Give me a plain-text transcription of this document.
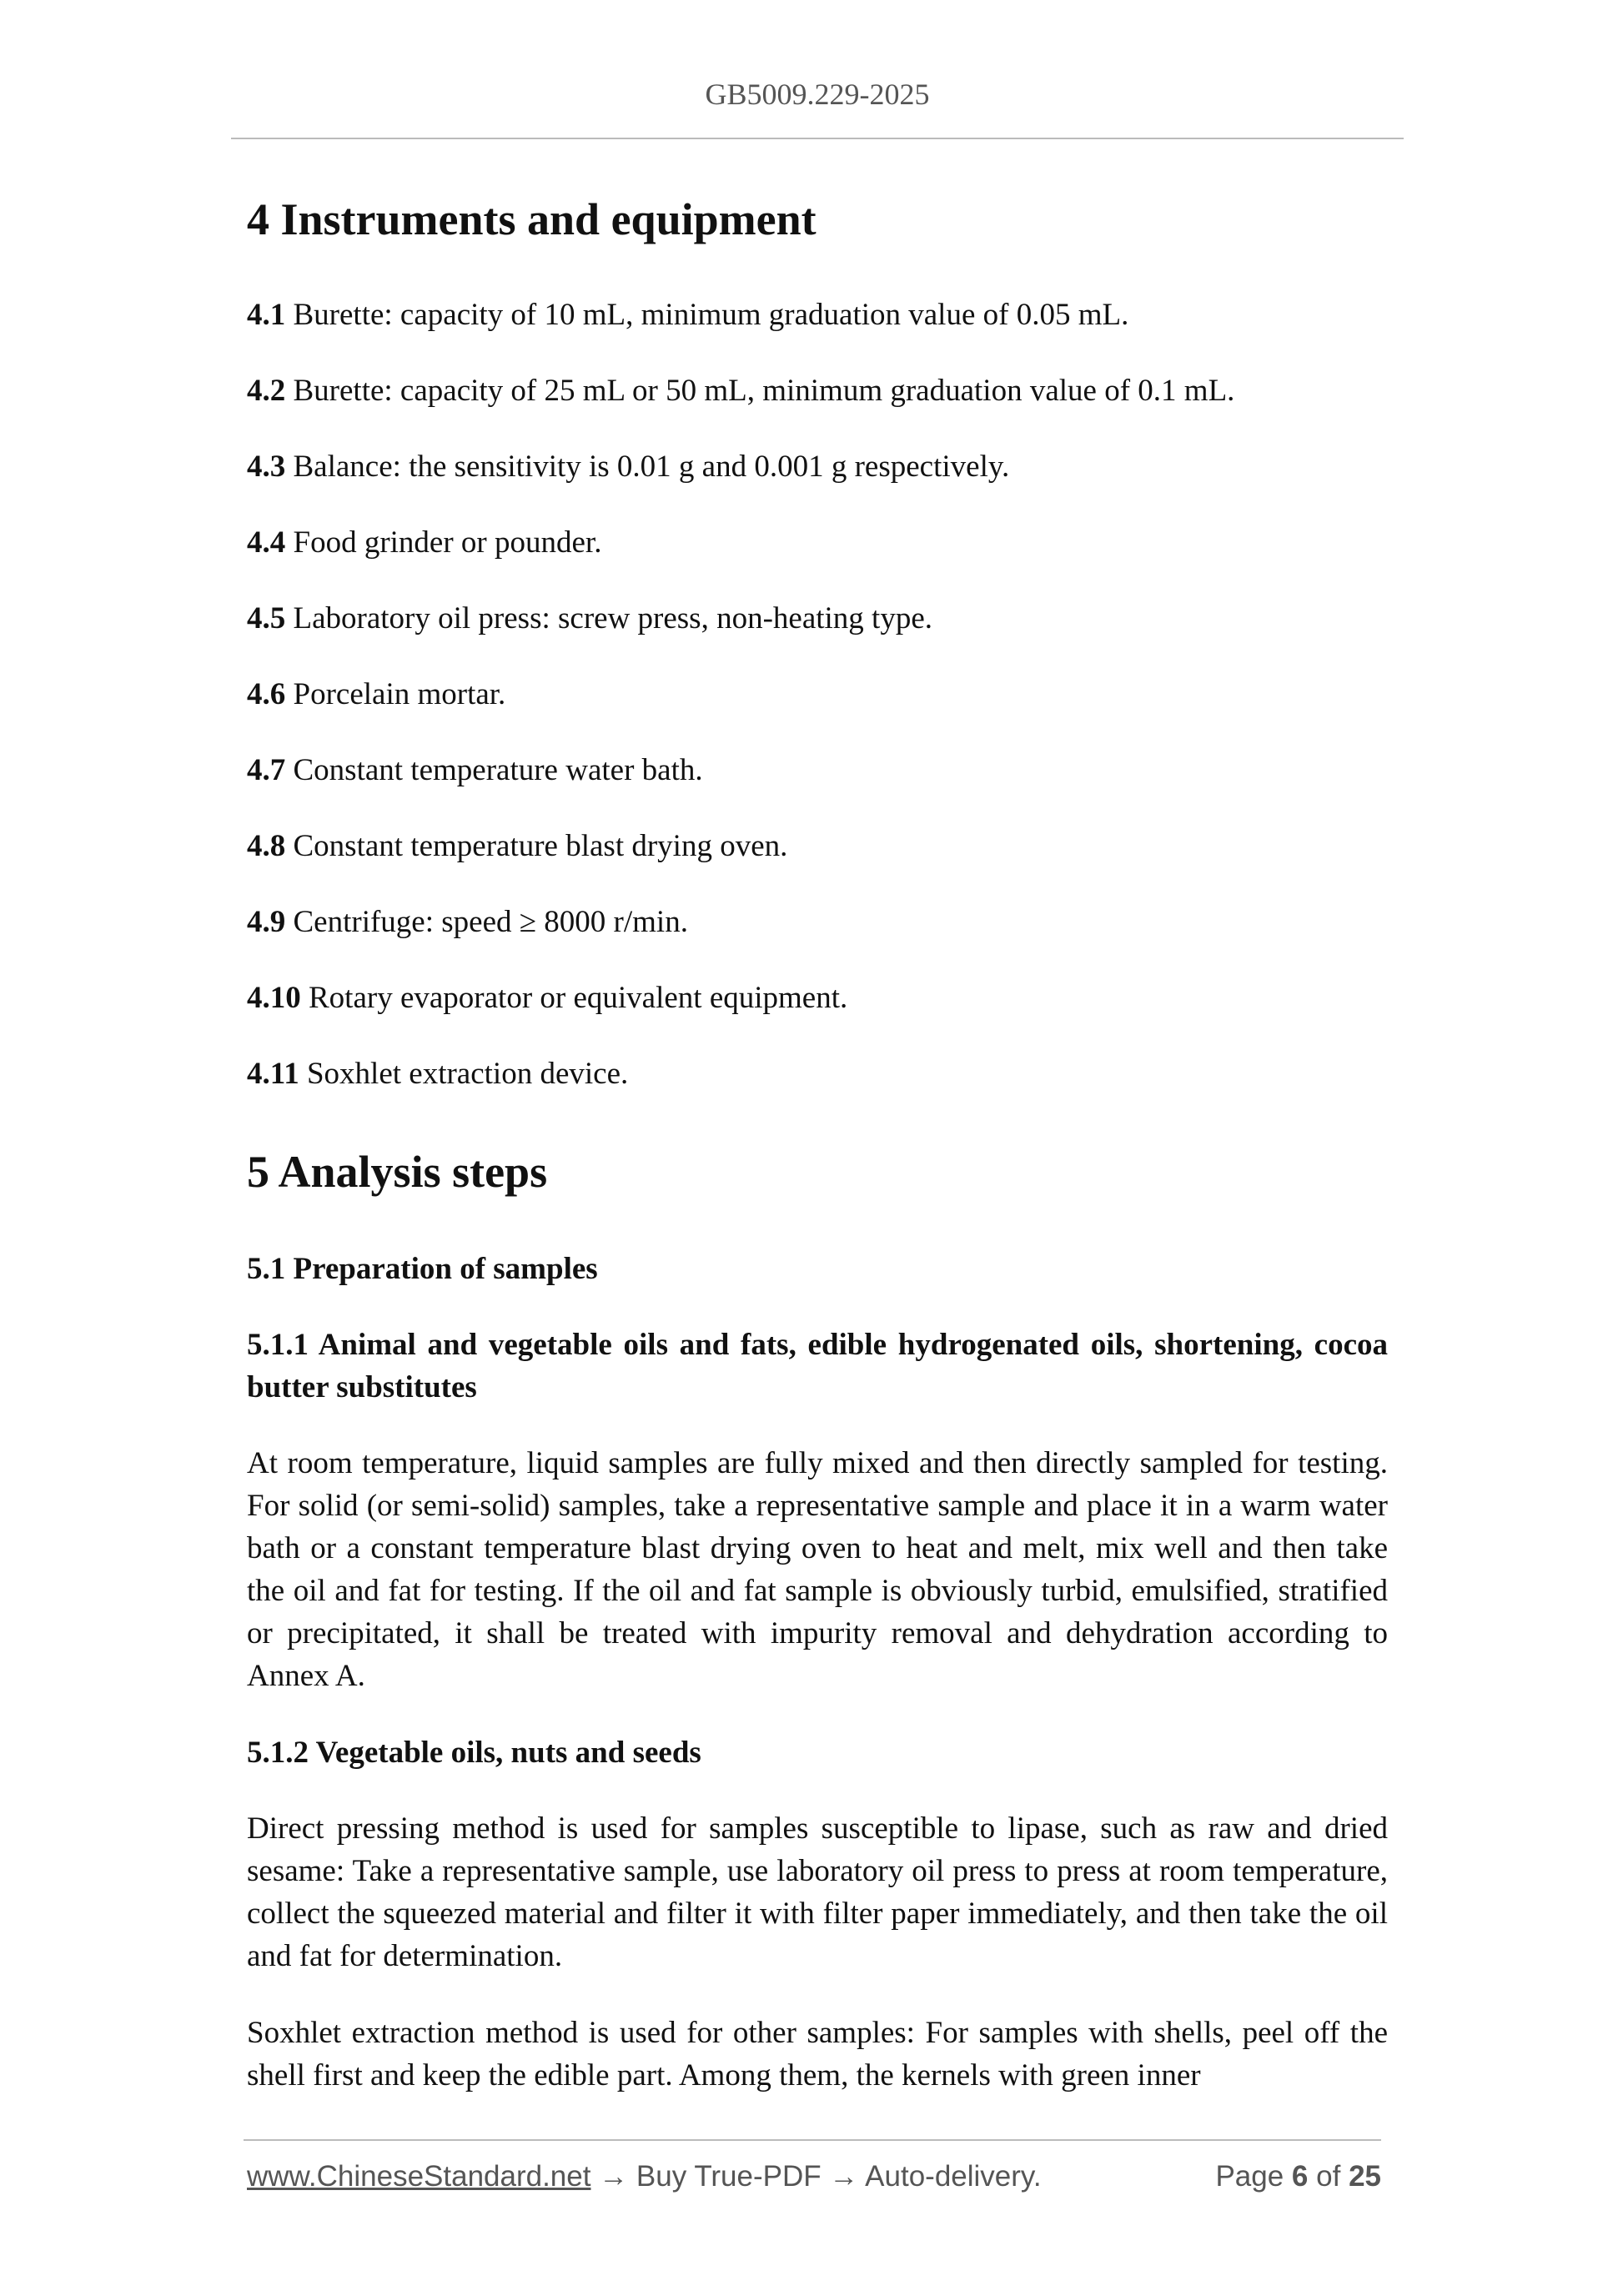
GB5009.229-2025
4 Instruments and equipment
4.1 Burette: capacity of 10 mL, minimum graduation value of 0.05 mL.
4.2 Burette: capacity of 25 mL or 50 mL, minimum graduation value of 0.1 mL.
4.3 Balance: the sensitivity is 0.01 g and 0.001 g respectively.
4.4 Food grinder or pounder.
4.5 Laboratory oil press: screw press, non-heating type.
4.6 Porcelain mortar.
4.7 Constant temperature water bath.
4.8 Constant temperature blast drying oven.
4.9 Centrifuge: speed ≥ 8000 r/min.
4.10 Rotary evaporator or equivalent equipment.
4.11 Soxhlet extraction device.
5 Analysis steps
5.1 Preparation of samples
5.1.1 Animal and vegetable oils and fats, edible hydrogenated oils, shortening, cocoa butter substitutes
At room temperature, liquid samples are fully mixed and then directly sampled for testing. For solid (or semi-solid) samples, take a representative sample and place it in a warm water bath or a constant temperature blast drying oven to heat and melt, mix well and then take the oil and fat for testing. If the oil and fat sample is obviously turbid, emulsified, stratified or precipitated, it shall be treated with impurity removal and dehydration according to Annex A.
5.1.2 Vegetable oils, nuts and seeds
Direct pressing method is used for samples susceptible to lipase, such as raw and dried sesame: Take a representative sample, use laboratory oil press to press at room temperature, collect the squeezed material and filter it with filter paper immediately, and then take the oil and fat for determination.
Soxhlet extraction method is used for other samples: For samples with shells, peel off the shell first and keep the edible part. Among them, the kernels with green inner
www.ChineseStandard.net → Buy True-PDF → Auto-delivery.	Page 6 of 25
